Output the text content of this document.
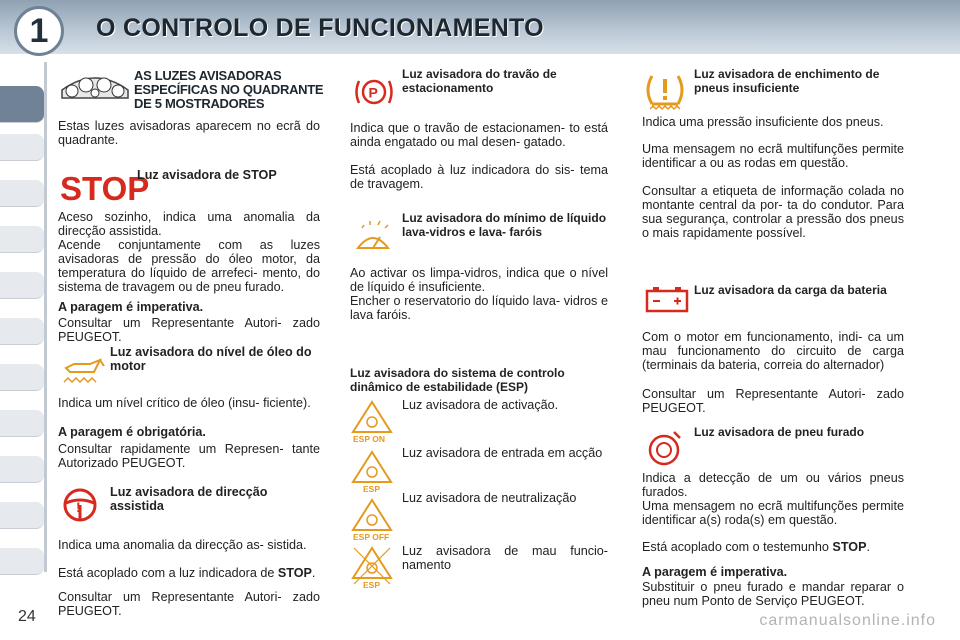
1	O CONTROLO DE FUNCIONAMENTO
AS LUZES AVISADORAS ESPECÍFICAS NO QUADRANTE DE 5 MOSTRADORES

Estas luzes avisadoras aparecem no ecrã do quadrante.

STOP

Luz avisadora de STOP

Aceso sozinho, indica uma anomalia da direcção assistida.

Acende conjuntamente com as luzes avisadoras de pressão do óleo motor, da temperatura do líquido de arrefeci- mento, do sistema de travagem ou de pneu furado.

A paragem é imperativa.

Consultar um Representante Autori- zado PEUGEOT.

Luz avisadora do nível de óleo do motor

Indica um nível crítico de óleo (insu- ficiente).

A paragem é obrigatória.

Consultar rapidamente um Represen- tante Autorizado PEUGEOT.

!

Luz avisadora de direcção assistida

Indica uma anomalia da direcção as- sistida.

Está acoplado com a luz indicadora de STOP.

Consultar um Representante Autori- zado PEUGEOT.

P

Luz avisadora do travão de estacionamento

Indica que o travão de estacionamen- to está ainda engatado ou mal desen- gatado.

Está acoplado à luz indicadora do sis- tema de travagem.

Luz avisadora do mínimo de líquido lava-vidros e lava- faróis

Ao activar os limpa-vidros, indica que o nível de líquido é insuficiente.

Encher o reservatorio do líquido lava- vidros e lava faróis.

Luz avisadora do sistema de controlo dinâmico de estabilidade (ESP)

ESP ON

Luz avisadora de activação.

ESP

Luz avisadora de entrada em acção

ESP OFF

Luz avisadora de neutralização

ESP

Luz avisadora de mau funcio- namento

Luz avisadora de enchimento de pneus insuficiente

Indica uma pressão insuficiente dos pneus.

Uma mensagem no ecrã multifunções permite identificar a ou as rodas em questão.

Consultar a etiqueta de informação colada no montante central da por- ta do condutor. Para sua segurança, controlar a pressão dos pneus o mais rapidamente possível.

Luz avisadora da carga da bateria

Com o motor em funcionamento, indi- ca um mau funcionamento do circuito de carga (terminais da bateria, correia do alternador)

Consultar um Representante Autori- zado PEUGEOT.

Luz avisadora de pneu furado

Indica a detecção de um ou vários pneus furados.

Uma mensagem no ecrã multifunções permite identificar a(s) roda(s) em questão.

Está acoplado com o testemunho STOP.

A paragem é imperativa.

Substituir o pneu furado e mandar reparar o pneu num Ponto de Serviço PEUGEOT.

24	carmanualsonline.info
